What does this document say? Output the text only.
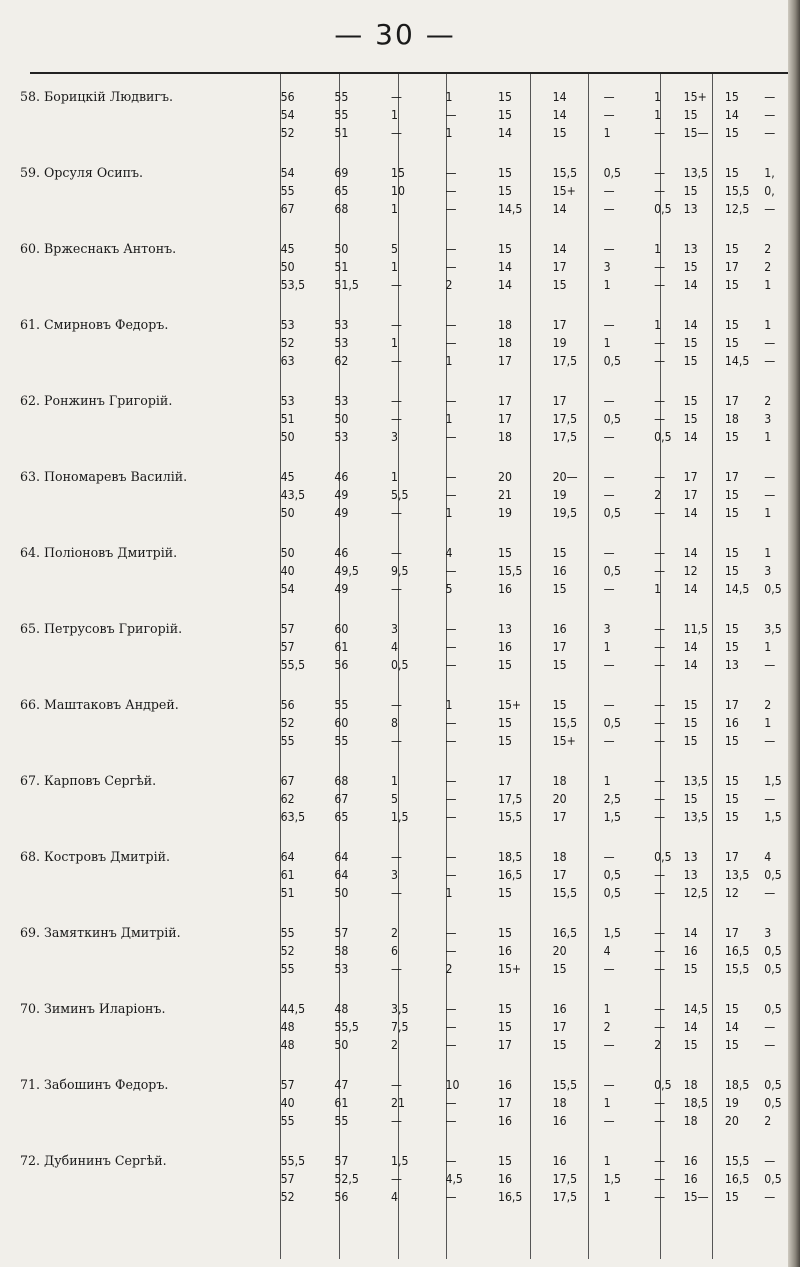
— 30 —
58. Борицкій Людвигъ.	56	55	—	1	15	14	—	1	15+	15	—
	54	55	1	—	15	14	—	1	15	14	—
	52	51	—	1	14	15	1	—	15—	15	—

59. Орсуля Осипъ.	54	69	15	—	15	15,5	0,5	—	13,5	15	1,
	55	65	10	—	15	15+	—	—	15	15,5	0,
	67	68	1	—	14,5	14	—	0,5	13	12,5	—

60. Вржеснакъ Антонъ.	45	50	5	—	15	14	—	1	13	15	2
	50	51	1	—	14	17	3	—	15	17	2
	53,5	51,5	—	2	14	15	1	—	14	15	1

61. Смирновъ Федоръ.	53	53	—	—	18	17	—	1	14	15	1
	52	53	1	—	18	19	1	—	15	15	—
	63	62	—	1	17	17,5	0,5	—	15	14,5	—

62. Ронжинъ Григорій.	53	53	—	—	17	17	—	—	15	17	2
	51	50	—	1	17	17,5	0,5	—	15	18	3
	50	53	3	—	18	17,5	—	0,5	14	15	1

63. Пономаревъ Василій.	45	46	1	—	20	20—	—	—	17	17	—
	43,5	49	5,5	—	21	19	—	2	17	15	—
	50	49	—	1	19	19,5	0,5	—	14	15	1

64. Поліоновъ Дмитрій.	50	46	—	4	15	15	—	—	14	15	1
	40	49,5	9,5	—	15,5	16	0,5	—	12	15	3
	54	49	—	5	16	15	—	1	14	14,5	0,5

65. Петрусовъ Григорій.	57	60	3	—	13	16	3	—	11,5	15	3,5
	57	61	4	—	16	17	1	—	14	15	1
	55,5	56	0,5	—	15	15	—	—	14	13	—

66. Маштаковъ Андрей.	56	55	—	1	15+	15	—	—	15	17	2
	52	60	8	—	15	15,5	0,5	—	15	16	1
	55	55	—	—	15	15+	—	—	15	15	—

67. Карповъ Сергѣй.	67	68	1	—	17	18	1	—	13,5	15	1,5
	62	67	5	—	17,5	20	2,5	—	15	15	—
	63,5	65	1,5	—	15,5	17	1,5	—	13,5	15	1,5

68. Костровъ Дмитрій.	64	64	—	—	18,5	18	—	0,5	13	17	4
	61	64	3	—	16,5	17	0,5	—	13	13,5	0,5
	51	50	—	1	15	15,5	0,5	—	12,5	12	—

69. Замяткинъ Дмитрій.	55	57	2	—	15	16,5	1,5	—	14	17	3
	52	58	6	—	16	20	4	—	16	16,5	0,5
	55	53	—	2	15+	15	—	—	15	15,5	0,5

70. Зиминъ Иларіонъ.	44,5	48	3,5	—	15	16	1	—	14,5	15	0,5
	48	55,5	7,5	—	15	17	2	—	14	14	—
	48	50	2	—	17	15	—	2	15	15	—

71. Забошинъ Федоръ.	57	47	—	10	16	15,5	—	0,5	18	18,5	0,5
	40	61	21	—	17	18	1	—	18,5	19	0,5
	55	55	—	—	16	16	—	—	18	20	2

72. Дубининъ Сергѣй.	55,5	57	1,5	—	15	16	1	—	16	15,5	—
	57	52,5	—	4,5	16	17,5	1,5	—	16	16,5	0,5
	52	56	4	—	16,5	17,5	1	—	15—	15	—
